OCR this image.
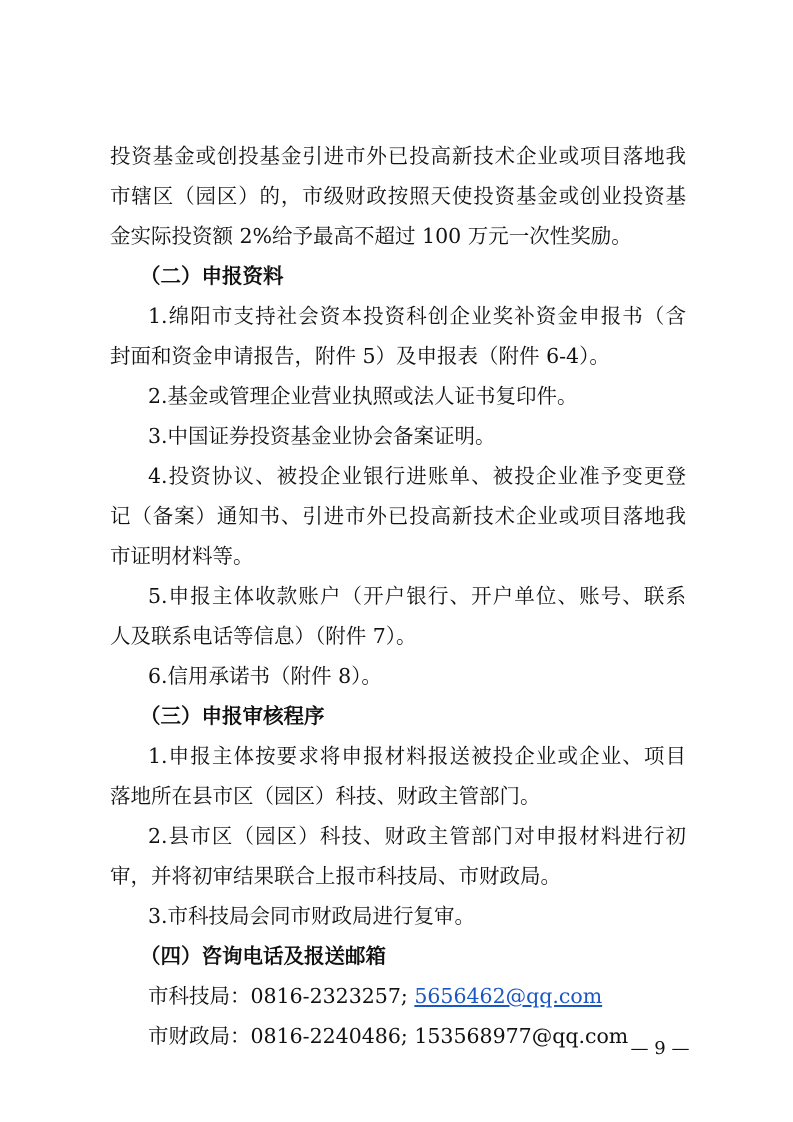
投资基金或创投基金引进市外已投高新技术企业或项目落地我
市辖区（园区）的，市级财政按照天使投资基金或创业投资基
金实际投资额 2%给予最高不超过 100 万元一次性奖励。
（二）申报资料
1.绵阳市支持社会资本投资科创企业奖补资金申报书（含
封面和资金申请报告，附件 5）及申报表（附件 6-4）。
2.基金或管理企业营业执照或法人证书复印件。
3.中国证券投资基金业协会备案证明。
4.投资协议、被投企业银行进账单、被投企业准予变更登
记（备案）通知书、引进市外已投高新技术企业或项目落地我
市证明材料等。
5.申报主体收款账户（开户银行、开户单位、账号、联系
人及联系电话等信息）（附件 7）。
6.信用承诺书（附件 8）。
（三）申报审核程序
1.申报主体按要求将申报材料报送被投企业或企业、项目
落地所在县市区（园区）科技、财政主管部门。
2.县市区（园区）科技、财政主管部门对申报材料进行初
审，并将初审结果联合上报市科技局、市财政局。
3.市科技局会同市财政局进行复审。
（四）咨询电话及报送邮箱
市科技局：0816-2323257; 5656462@qq.com
市财政局：0816-2240486; 153568977@qq.com
— 9 —
